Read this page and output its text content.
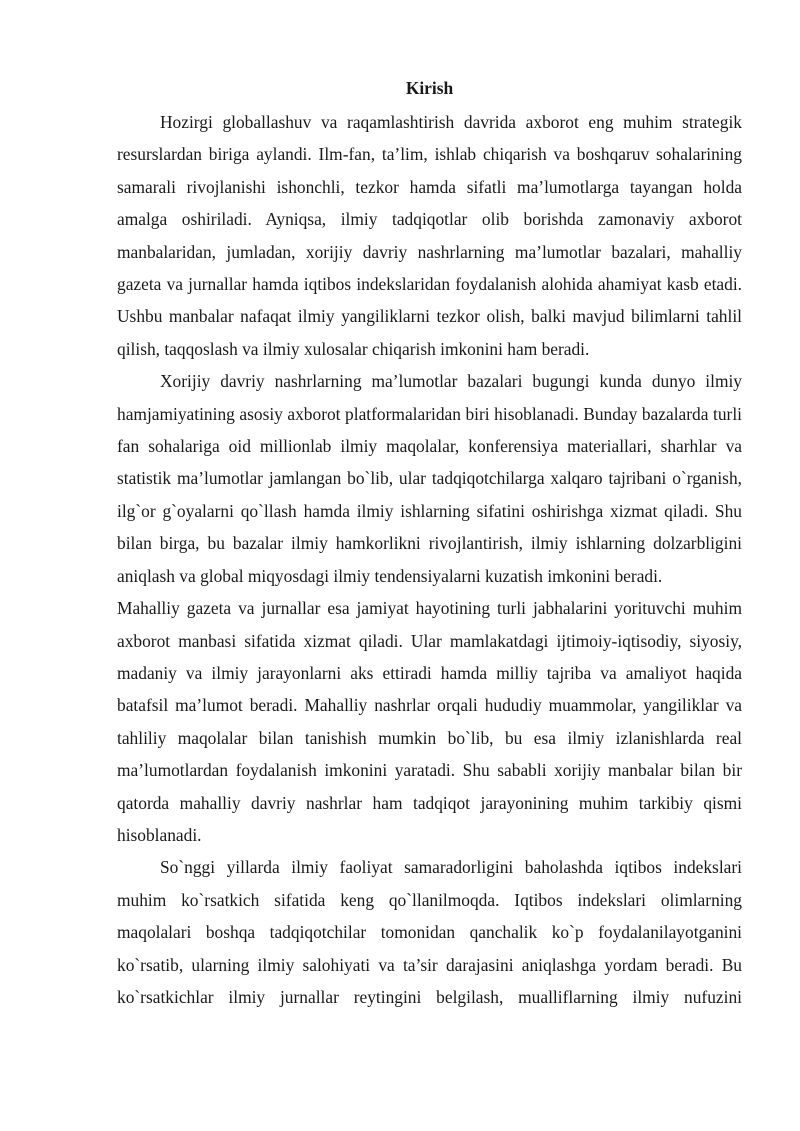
Kirish

Hozirgi globallashuv va raqamlashtirish davrida axborot eng muhim strategik resurslardan biriga aylandi. Ilm-fan, ta’lim, ishlab chiqarish va boshqaruv sohalarining samarali rivojlanishi ishonchli, tezkor hamda sifatli ma’lumotlarga tayangan holda amalga oshiriladi. Ayniqsa, ilmiy tadqiqotlar olib borishda zamonaviy axborot manbalaridan, jumladan, xorijiy davriy nashrlarning ma’lumotlar bazalari, mahalliy gazeta va jurnallar hamda iqtibos indekslaridan foydalanish alohida ahamiyat kasb etadi. Ushbu manbalar nafaqat ilmiy yangiliklarni tezkor olish, balki mavjud bilimlarni tahlil qilish, taqqoslash va ilmiy xulosalar chiqarish imkonini ham beradi.

Xorijiy davriy nashrlarning ma’lumotlar bazalari bugungi kunda dunyo ilmiy hamjamiyatining asosiy axborot platformalaridan biri hisoblanadi. Bunday bazalarda turli fan sohalariga oid millionlab ilmiy maqolalar, konferensiya materiallari, sharhlar va statistik ma’lumotlar jamlangan bo`lib, ular tadqiqotchilarga xalqaro tajribani o`rganish, ilg`or g`oyalarni qo`llash hamda ilmiy ishlarning sifatini oshirishga xizmat qiladi. Shu bilan birga, bu bazalar ilmiy hamkorlikni rivojlantirish, ilmiy ishlarning dolzarbligini aniqlash va global miqyosdagi ilmiy tendensiyalarni kuzatish imkonini beradi.

Mahalliy gazeta va jurnallar esa jamiyat hayotining turli jabhalarini yorituvchi muhim axborot manbasi sifatida xizmat qiladi. Ular mamlakatdagi ijtimoiy-iqtisodiy, siyosiy, madaniy va ilmiy jarayonlarni aks ettiradi hamda milliy tajriba va amaliyot haqida batafsil ma’lumot beradi. Mahalliy nashrlar orqali hududiy muammolar, yangiliklar va tahliliy maqolalar bilan tanishish mumkin bo`lib, bu esa ilmiy izlanishlarda real ma’lumotlardan foydalanish imkonini yaratadi. Shu sababli xorijiy manbalar bilan bir qatorda mahalliy davriy nashrlar ham tadqiqot jarayonining muhim tarkibiy qismi hisoblanadi.

So`nggi yillarda ilmiy faoliyat samaradorligini baholashda iqtibos indekslari muhim ko`rsatkich sifatida keng qo`llanilmoqda. Iqtibos indekslari olimlarning maqolalari boshqa tadqiqotchilar tomonidan qanchalik ko`p foydalanilayotganini ko`rsatib, ularning ilmiy salohiyati va ta’sir darajasini aniqlashga yordam beradi. Bu ko`rsatkichlar ilmiy jurnallar reytingini belgilash, mualliflarning ilmiy nufuzini
